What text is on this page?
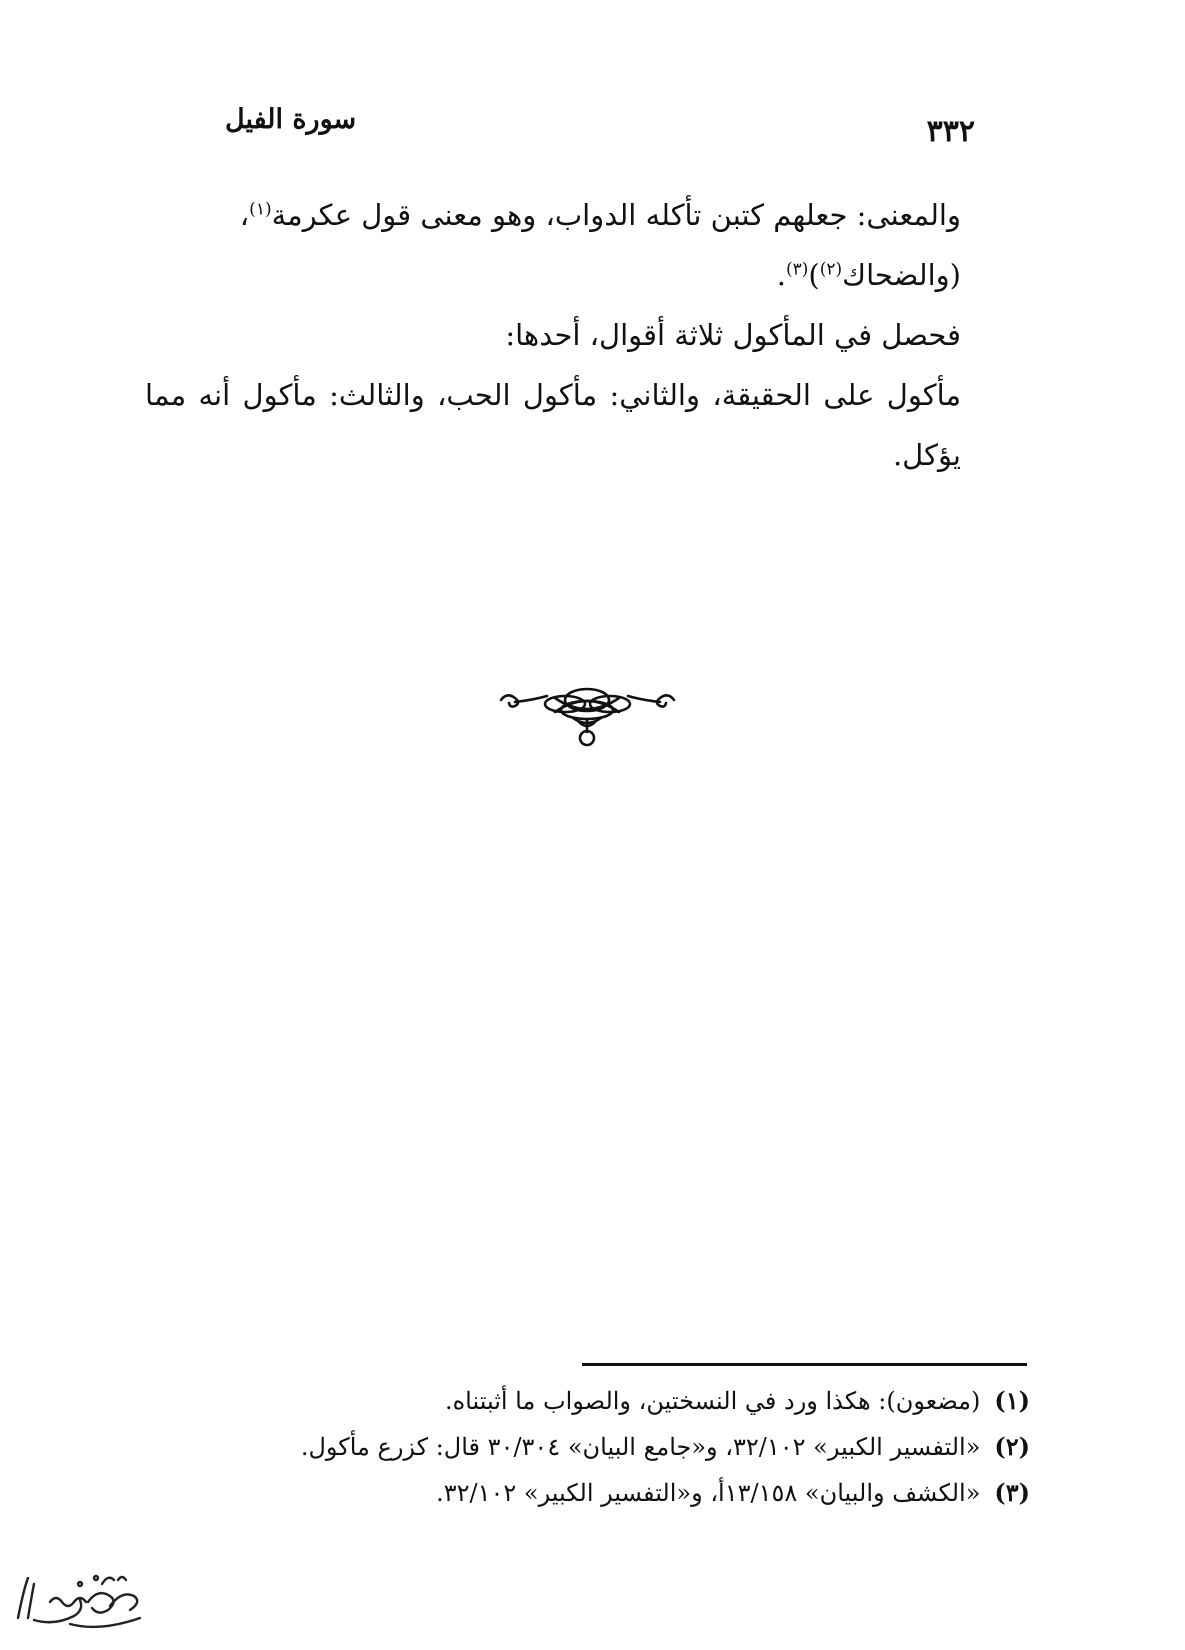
٣٣٢
سورة الفيل

والمعنى: جعلهم كتبن تأكله الدواب، وهو معنى قول عكرمة$^{(١)}$، (والضحاك$^{(٢)}$)$^{(٣)}$.

فحصل في المأكول ثلاثة أقوال، أحدها:

مأكول على الحقيقة، والثاني: مأكول الحب، والثالث: مأكول أنه مما يؤكل.

(١)(مضعون): هكذا ورد في النسختين، والصواب ما أثبتناه.

(٢)«التفسير الكبير» ٣٢/١٠٢، و«جامع البيان» ٣٠/٣٠٤ قال: كزرع مأكول.

(٣)«الكشف والبيان» ١٣/١٥٨أ، و«التفسير الكبير» ٣٢/١٠٢.
